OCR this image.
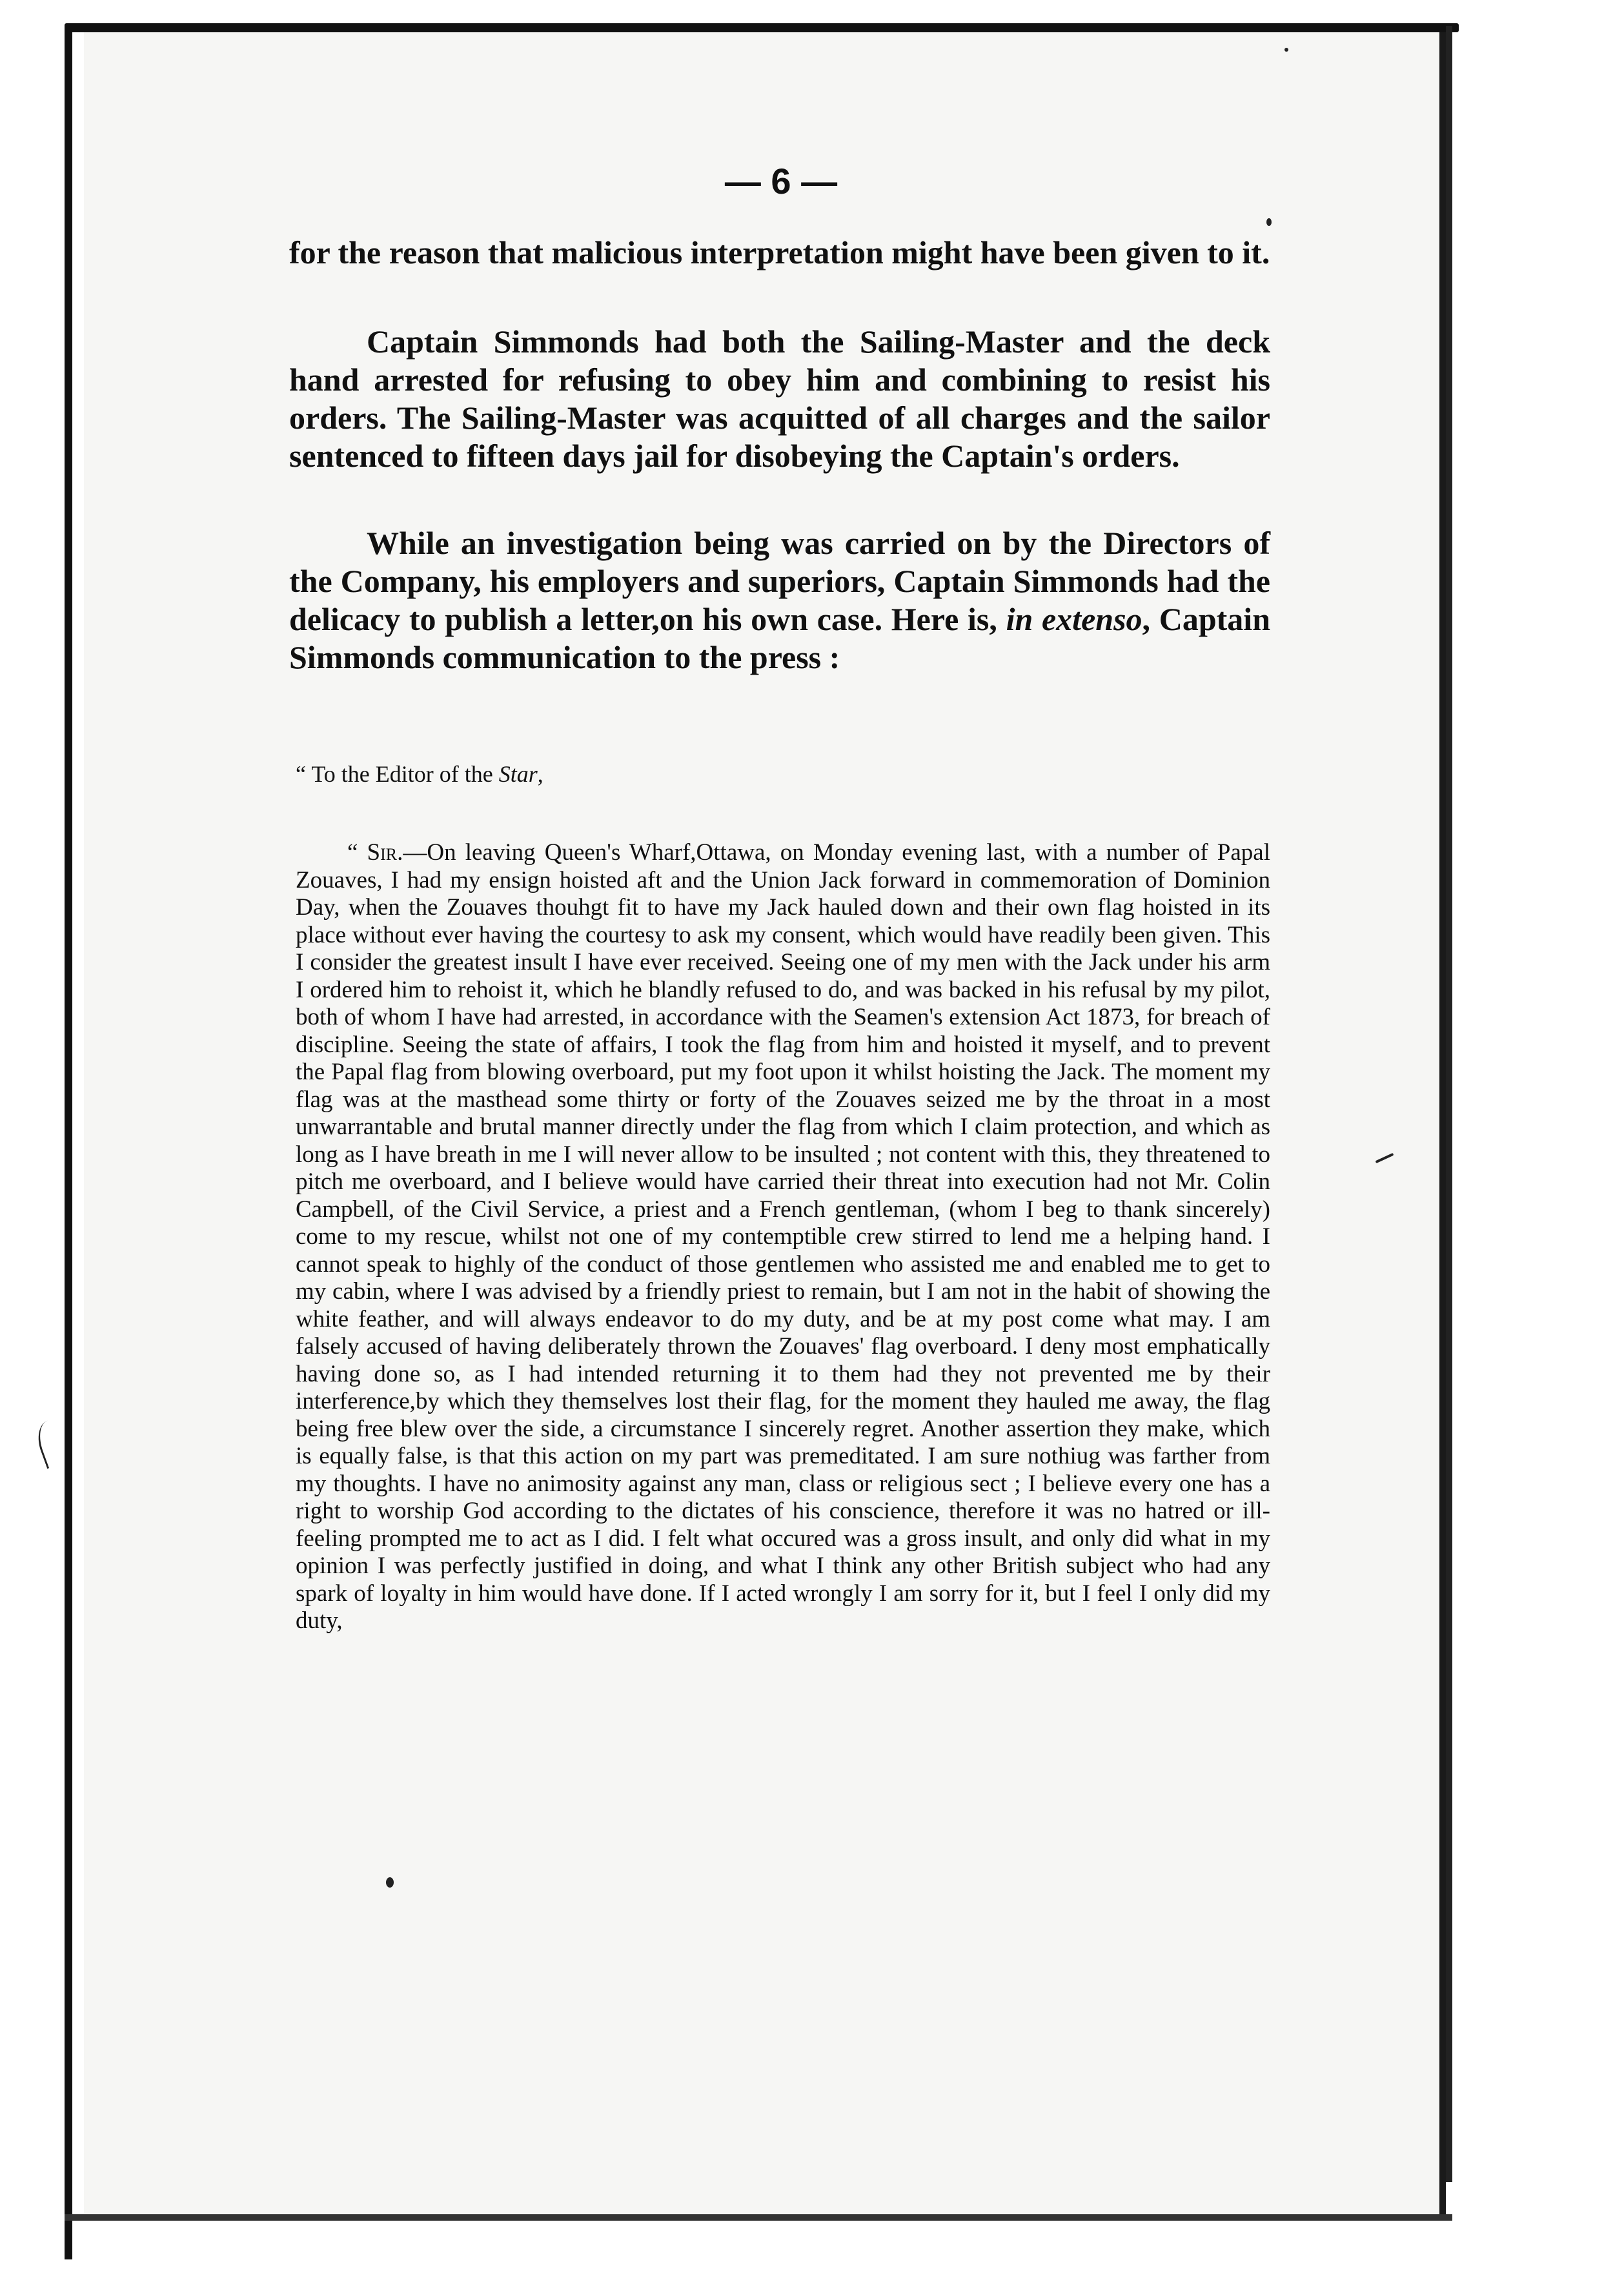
— 6 —
for the reason that malicious interpretation might have been given to it.
Captain Simmonds had both the Sailing-Master and the deck hand arrested for refusing to obey him and combining to resist his orders. The Sailing-Master was acquitted of all charges and the sailor sentenced to fifteen days jail for disobeying the Captain's orders.
While an investigation being was carried on by the Directors of the Company, his employers and superiors, Captain Simmonds had the delicacy to publish a letter,on his own case. Here is, in extenso, Captain Simmonds communication to the press :
“ To the Editor of the Star,
“ Sir.—On leaving Queen's Wharf,Ottawa, on Monday evening last, with a number of Papal Zouaves, I had my ensign hoisted aft and the Union Jack forward in commemoration of Dominion Day, when the Zouaves thouhgt fit to have my Jack hauled down and their own flag hoisted in its place without ever having the courtesy to ask my consent, which would have readily been given. This I consider the greatest insult I have ever received. Seeing one of my men with the Jack under his arm I ordered him to rehoist it, which he blandly refused to do, and was backed in his refusal by my pilot, both of whom I have had arrested, in accordance with the Seamen's extension Act 1873, for breach of discipline. Seeing the state of affairs, I took the flag from him and hoisted it myself, and to prevent the Papal flag from blowing overboard, put my foot upon it whilst hoisting the Jack. The moment my flag was at the masthead some thirty or forty of the Zouaves seized me by the throat in a most unwarrantable and brutal manner directly under the flag from which I claim protection, and which as long as I have breath in me I will never allow to be insulted ; not content with this, they threatened to pitch me overboard, and I believe would have carried their threat into execution had not Mr. Colin Campbell, of the Civil Service, a priest and a French gentleman, (whom I beg to thank sincerely) come to my rescue, whilst not one of my contemptible crew stirred to lend me a helping hand. I cannot speak to highly of the conduct of those gentlemen who assisted me and enabled me to get to my cabin, where I was advised by a friendly priest to remain, but I am not in the habit of showing the white feather, and will always endeavor to do my duty, and be at my post come what may. I am falsely accused of having deliberately thrown the Zouaves' flag overboard. I deny most emphatically having done so, as I had intended returning it to them had they not prevented me by their interference,by which they themselves lost their flag, for the moment they hauled me away, the flag being free blew over the side, a circumstance I sincerely regret. Another assertion they make, which is equally false, is that this action on my part was premeditated. I am sure nothiug was farther from my thoughts. I have no animosity against any man, class or religious sect ; I believe every one has a right to worship God according to the dictates of his conscience, therefore it was no hatred or ill-feeling prompted me to act as I did. I felt what occured was a gross insult, and only did what in my opinion I was perfectly justified in doing, and what I think any other British subject who had any spark of loyalty in him would have done. If I acted wrongly I am sorry for it, but I feel I only did my duty,
